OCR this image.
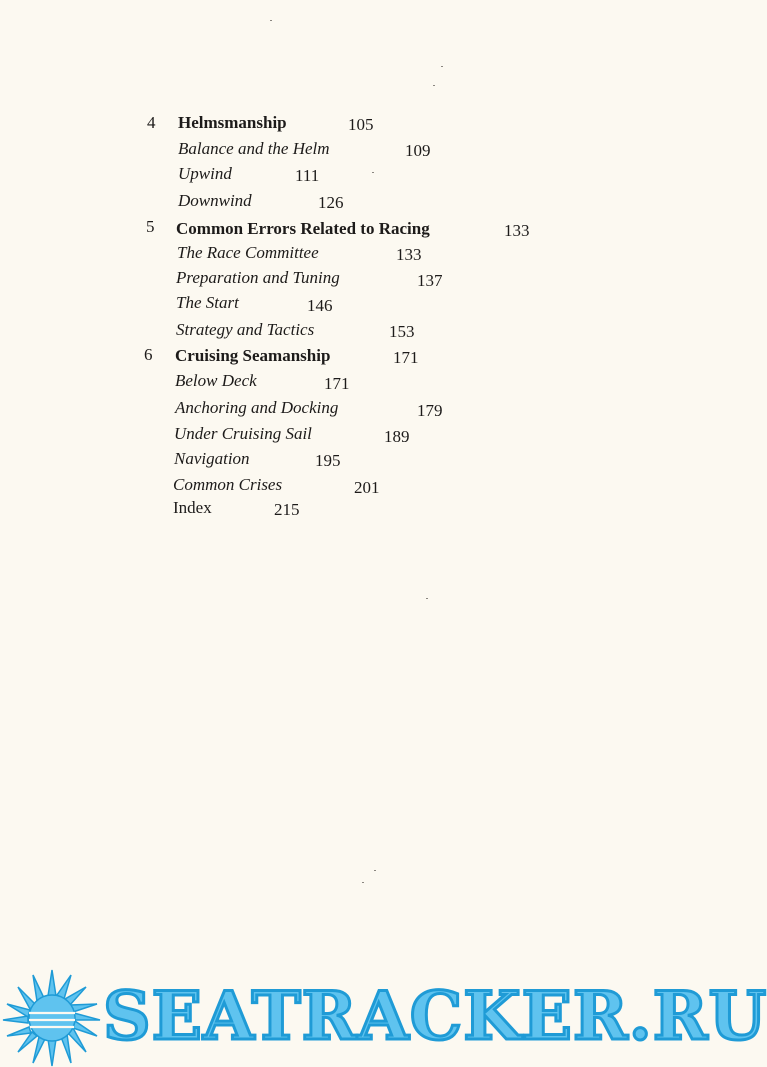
4 Helmsmanship	105
Balance and the Helm	109
Upwind	111
Downwind	126
5 Common Errors Related to Racing	133
The Race Committee	133
Preparation and Tuning	137
The Start	146
Strategy and Tactics	153
6 Cruising Seamanship	171
Below Deck	171
Anchoring and Docking	179
Under Cruising Sail	189
Navigation	195
Common Crises	201
Index	215
SEATRACKER.RU
